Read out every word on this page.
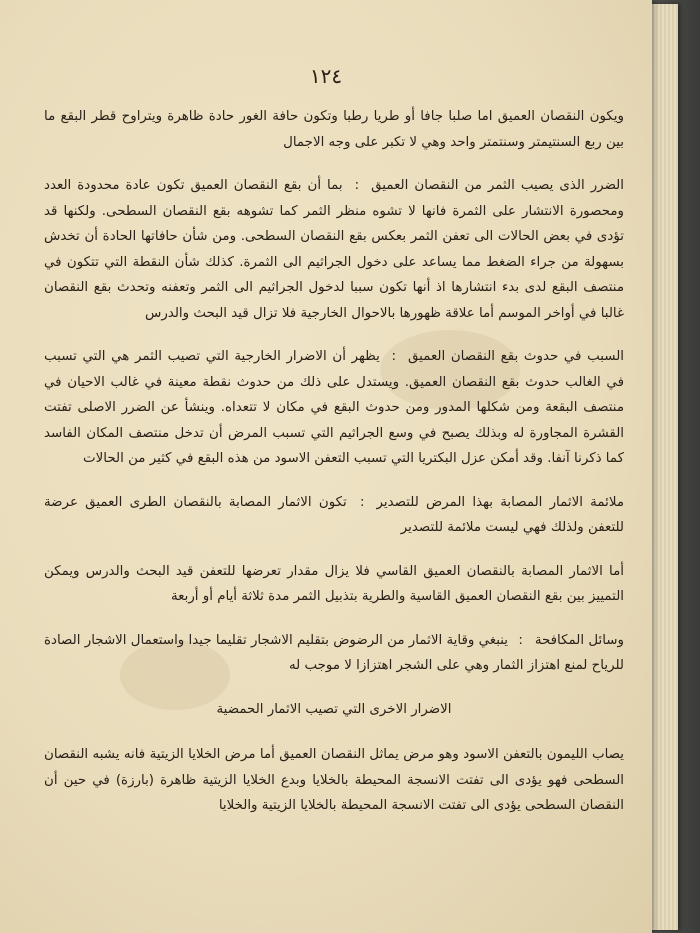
١٢٤

ويكون النقصان العميق اما صلبا جافا أو طريا رطبا وتكون حافة الغور حادة ظاهرة ويتراوح قطر البقع ما بين ربع السنتيمتر وسنتمتر واحد وهي لا تكبر على وجه الاجمال

الضرر الذى يصيب الثمر من النقصان العميق: بما أن بقع النقصان العميق تكون عادة محدودة العدد ومحصورة الانتشار على الثمرة فانها لا تشوه منظر الثمر كما تشوهه بقع النقصان السطحى. ولكنها قد تؤدى في بعض الحالات الى تعفن الثمر بعكس بقع النقصان السطحى. ومن شأن حافاتها الحادة أن تخدش بسهولة من جراء الضغط مما يساعد على دخول الجراثيم الى الثمرة. كذلك شأن النقطة التي تتكون في منتصف البقع لدى بدء انتشارها اذ أنها تكون سببا لدخول الجراثيم الى الثمر وتعفنه وتحدث بقع النقصان غالبا في أواخر الموسم أما علاقة ظهورها بالاحوال الخارجية فلا تزال قيد البحث والدرس

السبب في حدوث بقع النقصان العميق: يظهر أن الاضرار الخارجية التي تصيب الثمر هي التي تسبب في الغالب حدوث بقع النقصان العميق. ويستدل على ذلك من حدوث نقطة معينة في غالب الاحيان في منتصف البقعة ومن شكلها المدور ومن حدوث البقع في مكان لا تتعداه. وينشأ عن الضرر الاصلى تفتت القشرة المجاورة له وبذلك يصبح في وسع الجراثيم التي تسبب المرض أن تدخل منتصف المكان الفاسد كما ذكرنا آنفا. وقد أمكن عزل البكتريا التي تسبب التعفن الاسود من هذه البقع في كثير من الحالات

ملائمة الاثمار المصابة بهذا المرض للتصدير: تكون الاثمار المصابة بالنقصان الطرى العميق عرضة للتعفن ولذلك فهي ليست ملائمة للتصدير

أما الاثمار المصابة بالنقصان العميق القاسي فلا يزال مقدار تعرضها للتعفن قيد البحث والدرس ويمكن التمييز بين بقع النقصان العميق القاسية والطرية بتذبيل الثمر مدة ثلاثة أيام أو أربعة

وسائل المكافحة: ينبغي وقاية الاثمار من الرضوض بتقليم الاشجار تقليما جيدا واستعمال الاشجار الصادة للرياح لمنع اهتزاز الثمار وهي على الشجر اهتزازا لا موجب له

الاضرار الاخرى التي تصيب الاثمار الحمضية

يصاب الليمون بالتعفن الاسود وهو مرض يماثل النقصان العميق أما مرض الخلايا الزيتية فانه يشبه النقصان السطحى فهو يؤدى الى تفتت الانسجة المحيطة بالخلايا وبدع الخلايا الزيتية ظاهرة (بارزة) في حين أن النقصان السطحى يؤدى الى تفتت الانسجة المحيطة بالخلايا الزيتية والخلايا
